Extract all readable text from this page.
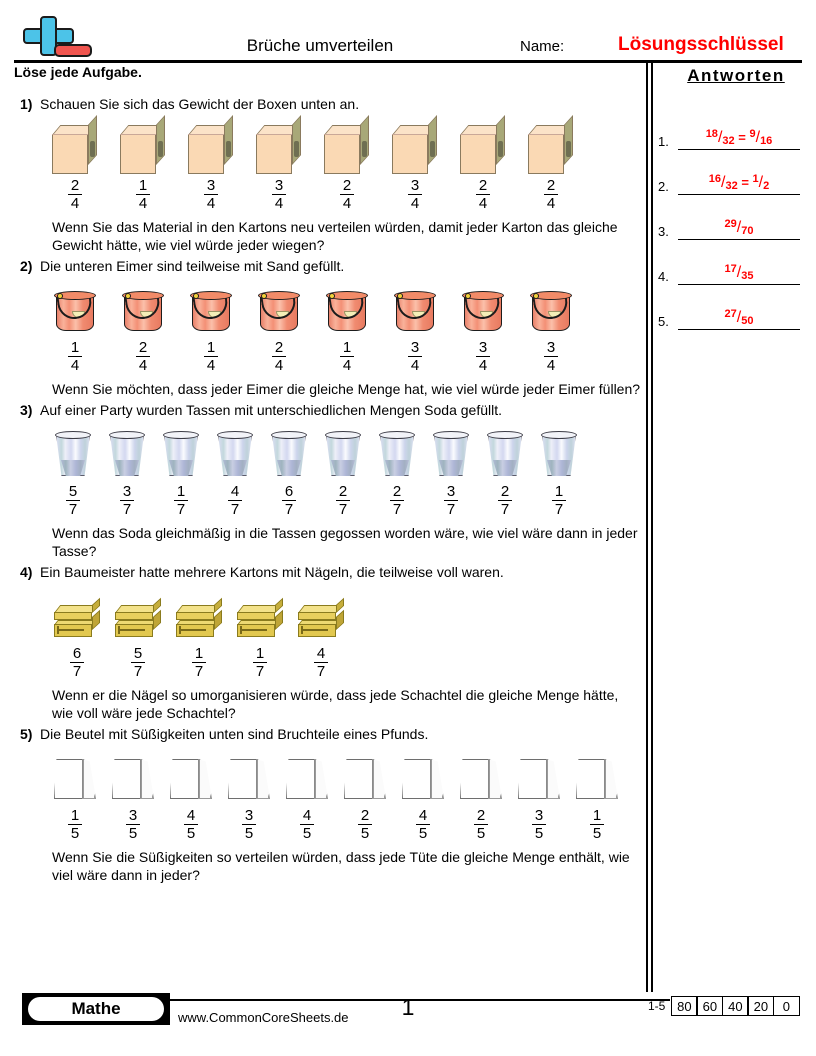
Brüche umverteilen	Name:	Lösungsschlüssel
Löse jede Aufgabe.
1) Schauen Sie sich das Gewicht der Boxen unten an.
$\frac{2}{4}$	$\frac{1}{4}$	$\frac{3}{4}$	$\frac{3}{4}$	$\frac{2}{4}$	$\frac{3}{4}$	$\frac{2}{4}$	$\frac{2}{4}$
Wenn Sie das Material in den Kartons neu verteilen würden, damit jeder Karton das gleiche Gewicht hätte, wie viel würde jeder wiegen?
2) Die unteren Eimer sind teilweise mit Sand gefüllt.
$\frac{1}{4}$	$\frac{2}{4}$	$\frac{1}{4}$	$\frac{2}{4}$	$\frac{1}{4}$	$\frac{3}{4}$	$\frac{3}{4}$	$\frac{3}{4}$
Wenn Sie möchten, dass jeder Eimer die gleiche Menge hat, wie viel würde jeder Eimer füllen?
3) Auf einer Party wurden Tassen mit unterschiedlichen Mengen Soda gefüllt.
$\frac{5}{7}$	$\frac{3}{7}$	$\frac{1}{7}$	$\frac{4}{7}$	$\frac{6}{7}$	$\frac{2}{7}$	$\frac{2}{7}$	$\frac{3}{7}$	$\frac{2}{7}$	$\frac{1}{7}$
Wenn das Soda gleichmäßig in die Tassen gegossen worden wäre, wie viel wäre dann in jeder Tasse?
4) Ein Baumeister hatte mehrere Kartons mit Nägeln, die teilweise voll waren.
$\frac{6}{7}$	$\frac{5}{7}$	$\frac{1}{7}$	$\frac{1}{7}$	$\frac{4}{7}$
Wenn er die Nägel so umorganisieren würde, dass jede Schachtel die gleiche Menge hätte, wie voll wäre jede Schachtel?
5) Die Beutel mit Süßigkeiten unten sind Bruchteile eines Pfunds.
$\frac{1}{5}$	$\frac{3}{5}$	$\frac{4}{5}$	$\frac{3}{5}$	$\frac{4}{5}$	$\frac{2}{5}$	$\frac{4}{5}$	$\frac{2}{5}$	$\frac{3}{5}$	$\frac{1}{5}$
Wenn Sie die Süßigkeiten so verteilen würden, dass jede Tüte die gleiche Menge enthält, wie viel wäre dann in jeder?
Antworten
1.	$^{18}/_{32} = ^9/_{16}$
2.	$^{16}/_{32} = ^1/_2$
3.	$^{29}/_{70}$
4.	$^{17}/_{35}$
5.	$^{27}/_{50}$
Mathe	www.CommonCoreSheets.de	1	1-5 80 60 40 20	0
